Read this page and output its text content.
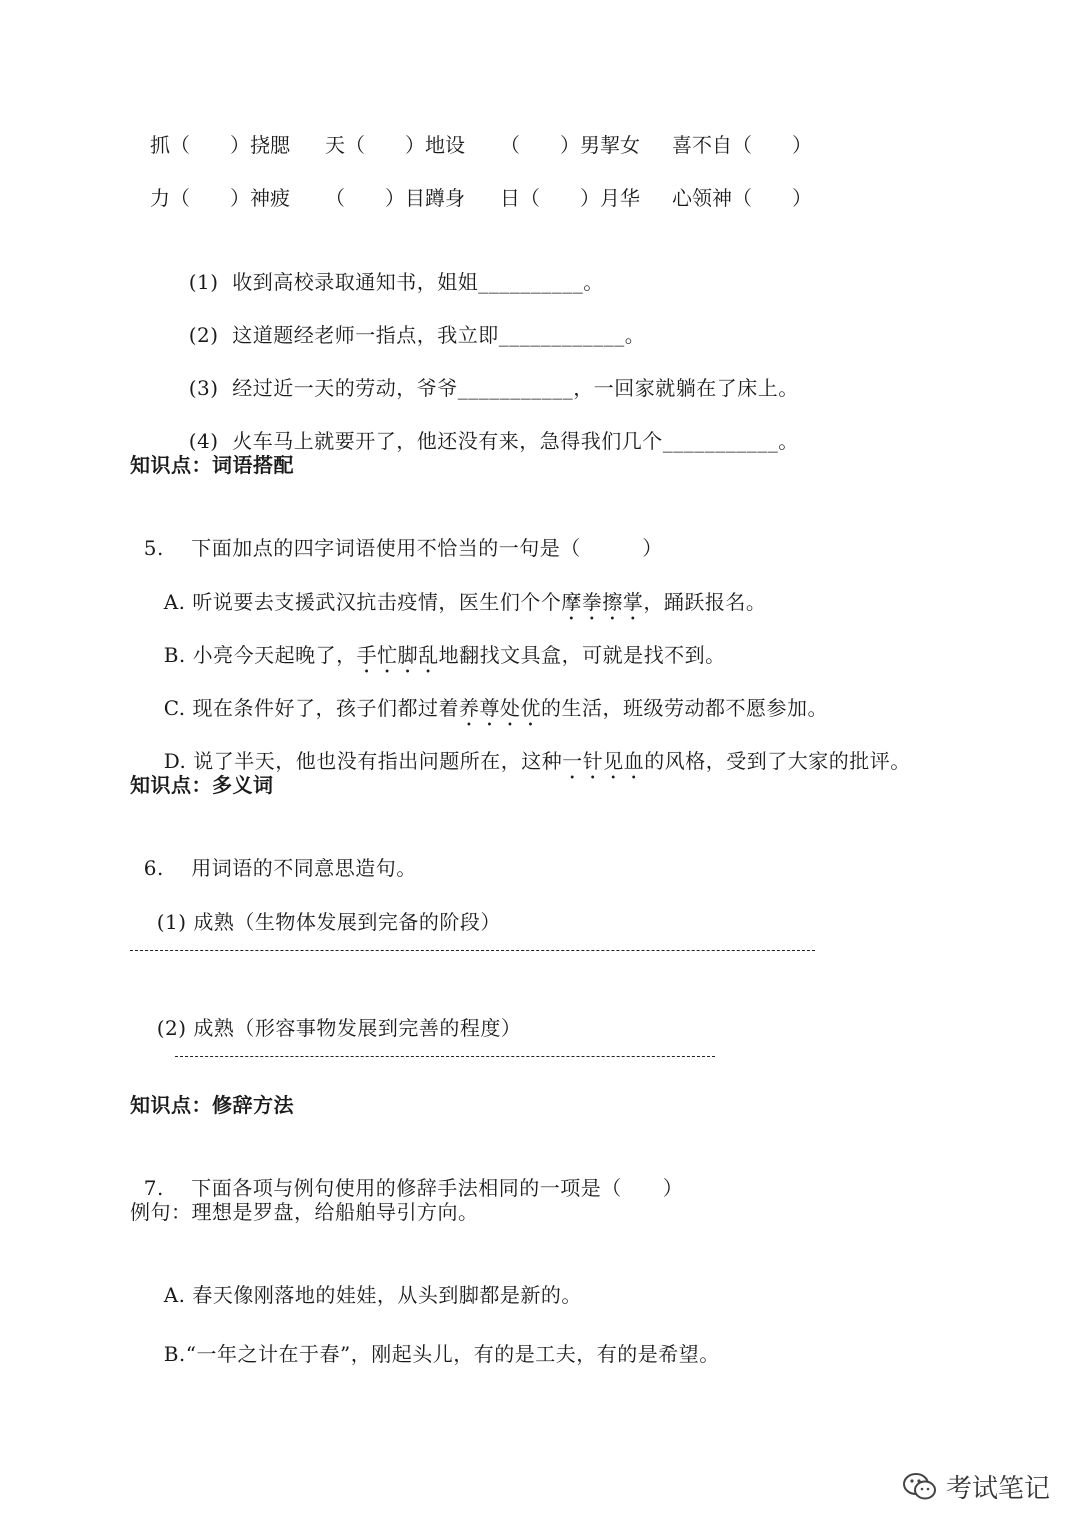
抓（　　）挠腮

天（　　）地设

（　　）男挈女

喜不自（　　）

力（　　）神疲

（　　）目蹲身

日（　　）月华

心领神（　　）

(1) 收到高校录取通知书，姐姐__________。

(2) 这道题经老师一指点，我立即____________。

(3) 经过近一天的劳动，爷爷___________，一回家就躺在了床上。

(4) 火车马上就要开了，他还没有来，急得我们几个___________。

知识点：词语搭配

5. 下面加点的四字词语使用不恰当的一句是（　　　）

A. 听说要去支援武汉抗击疫情，医生们个个摩拳擦掌，踊跃报名。

B. 小亮今天起晚了，手忙脚乱地翻找文具盒，可就是找不到。

C. 现在条件好了，孩子们都过着养尊处优的生活，班级劳动都不愿参加。

D. 说了半天，他也没有指出问题所在，这种一针见血的风格，受到了大家的批评。

知识点：多义词

6. 用词语的不同意思造句。

(1) 成熟（生物体发展到完备的阶段）

(2) 成熟（形容事物发展到完善的程度）

知识点：修辞方法

7. 下面各项与例句使用的修辞手法相同的一项是（　　）

例句：理想是罗盘，给船舶导引方向。

A. 春天像刚落地的娃娃，从头到脚都是新的。

B.“一年之计在于春”，刚起头儿，有的是工夫，有的是希望。

考试笔记
